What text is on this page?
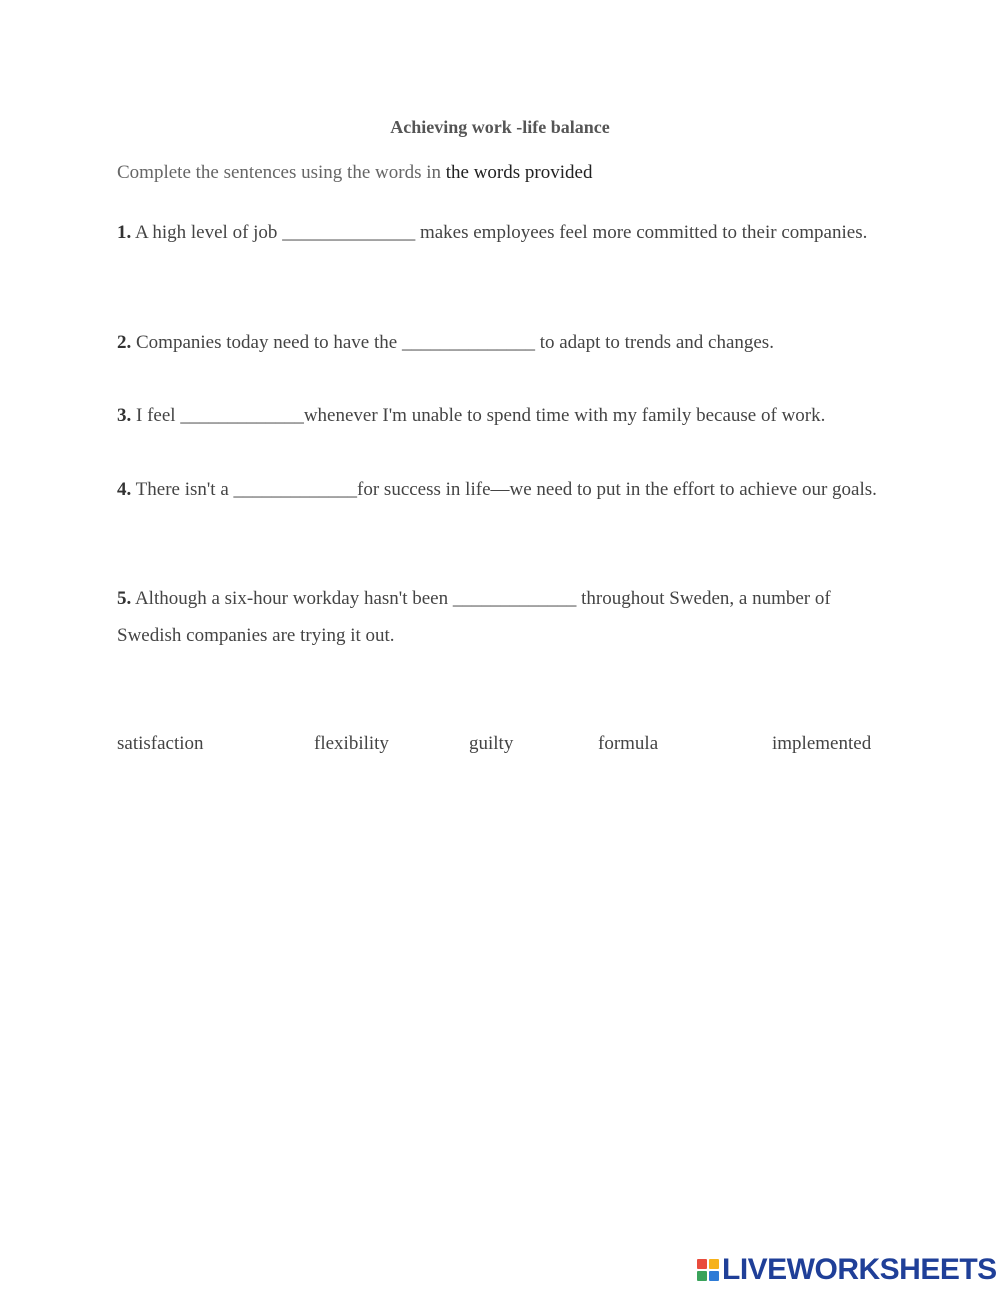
Achieving work -life balance
Complete the sentences using the words in the words provided
1. A high level of job ______________ makes employees feel more committed to their companies.
2. Companies today need to have the ______________ to adapt to trends and changes.
3. I feel _____________whenever I'm unable to spend time with my family because of work.
4. There isn't a _____________for success in life—we need to put in the effort to achieve our goals.
5. Although a six-hour workday hasn't been _____________ throughout Sweden, a number of Swedish companies are trying it out.
satisfaction	flexibility	guilty	formula	implemented
LIVEWORKSHEETS
